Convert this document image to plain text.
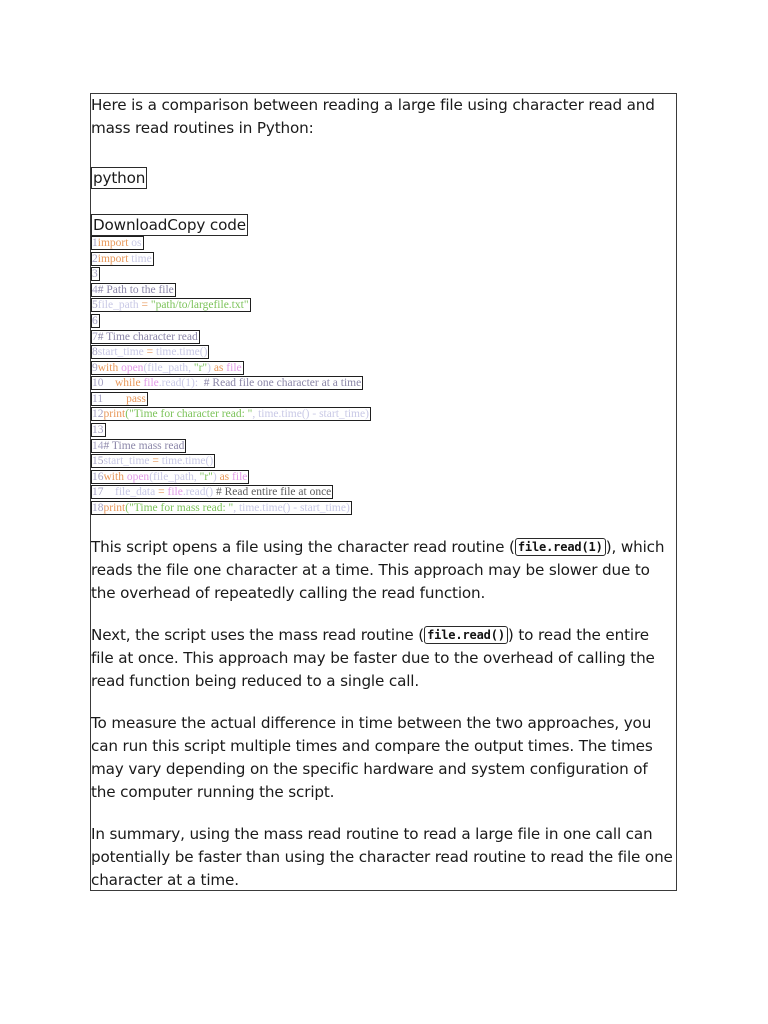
Here is a comparison between reading a large file using character read and mass read routines in Python:

python
DownloadCopy code
1import os
2import time
3
4# Path to the file
5file_path = "path/to/largefile.txt"
6
7# Time character read
8start_time = time.time()
9with open(file_path, "r") as file
10    while file.read(1):  # Read file one character at a time
11        pass
12print("Time for character read: ", time.time() - start_time)
13
14# Time mass read
15start_time = time.time()
16with open(file_path, "r") as file
17    file_data = file.read() # Read entire file at once
18print("Time for mass read: ", time.time() - start_time)

This script opens a file using the character read routine ( file.read(1) ), which reads the file one character at a time. This approach may be slower due to the overhead of repeatedly calling the read function.

Next, the script uses the mass read routine ( file.read() ) to read the entire file at once. This approach may be faster due to the overhead of calling the read function being reduced to a single call.

To measure the actual difference in time between the two approaches, you can run this script multiple times and compare the output times. The times may vary depending on the specific hardware and system configuration of the computer running the script.

In summary, using the mass read routine to read a large file in one call can potentially be faster than using the character read routine to read the file one character at a time.
